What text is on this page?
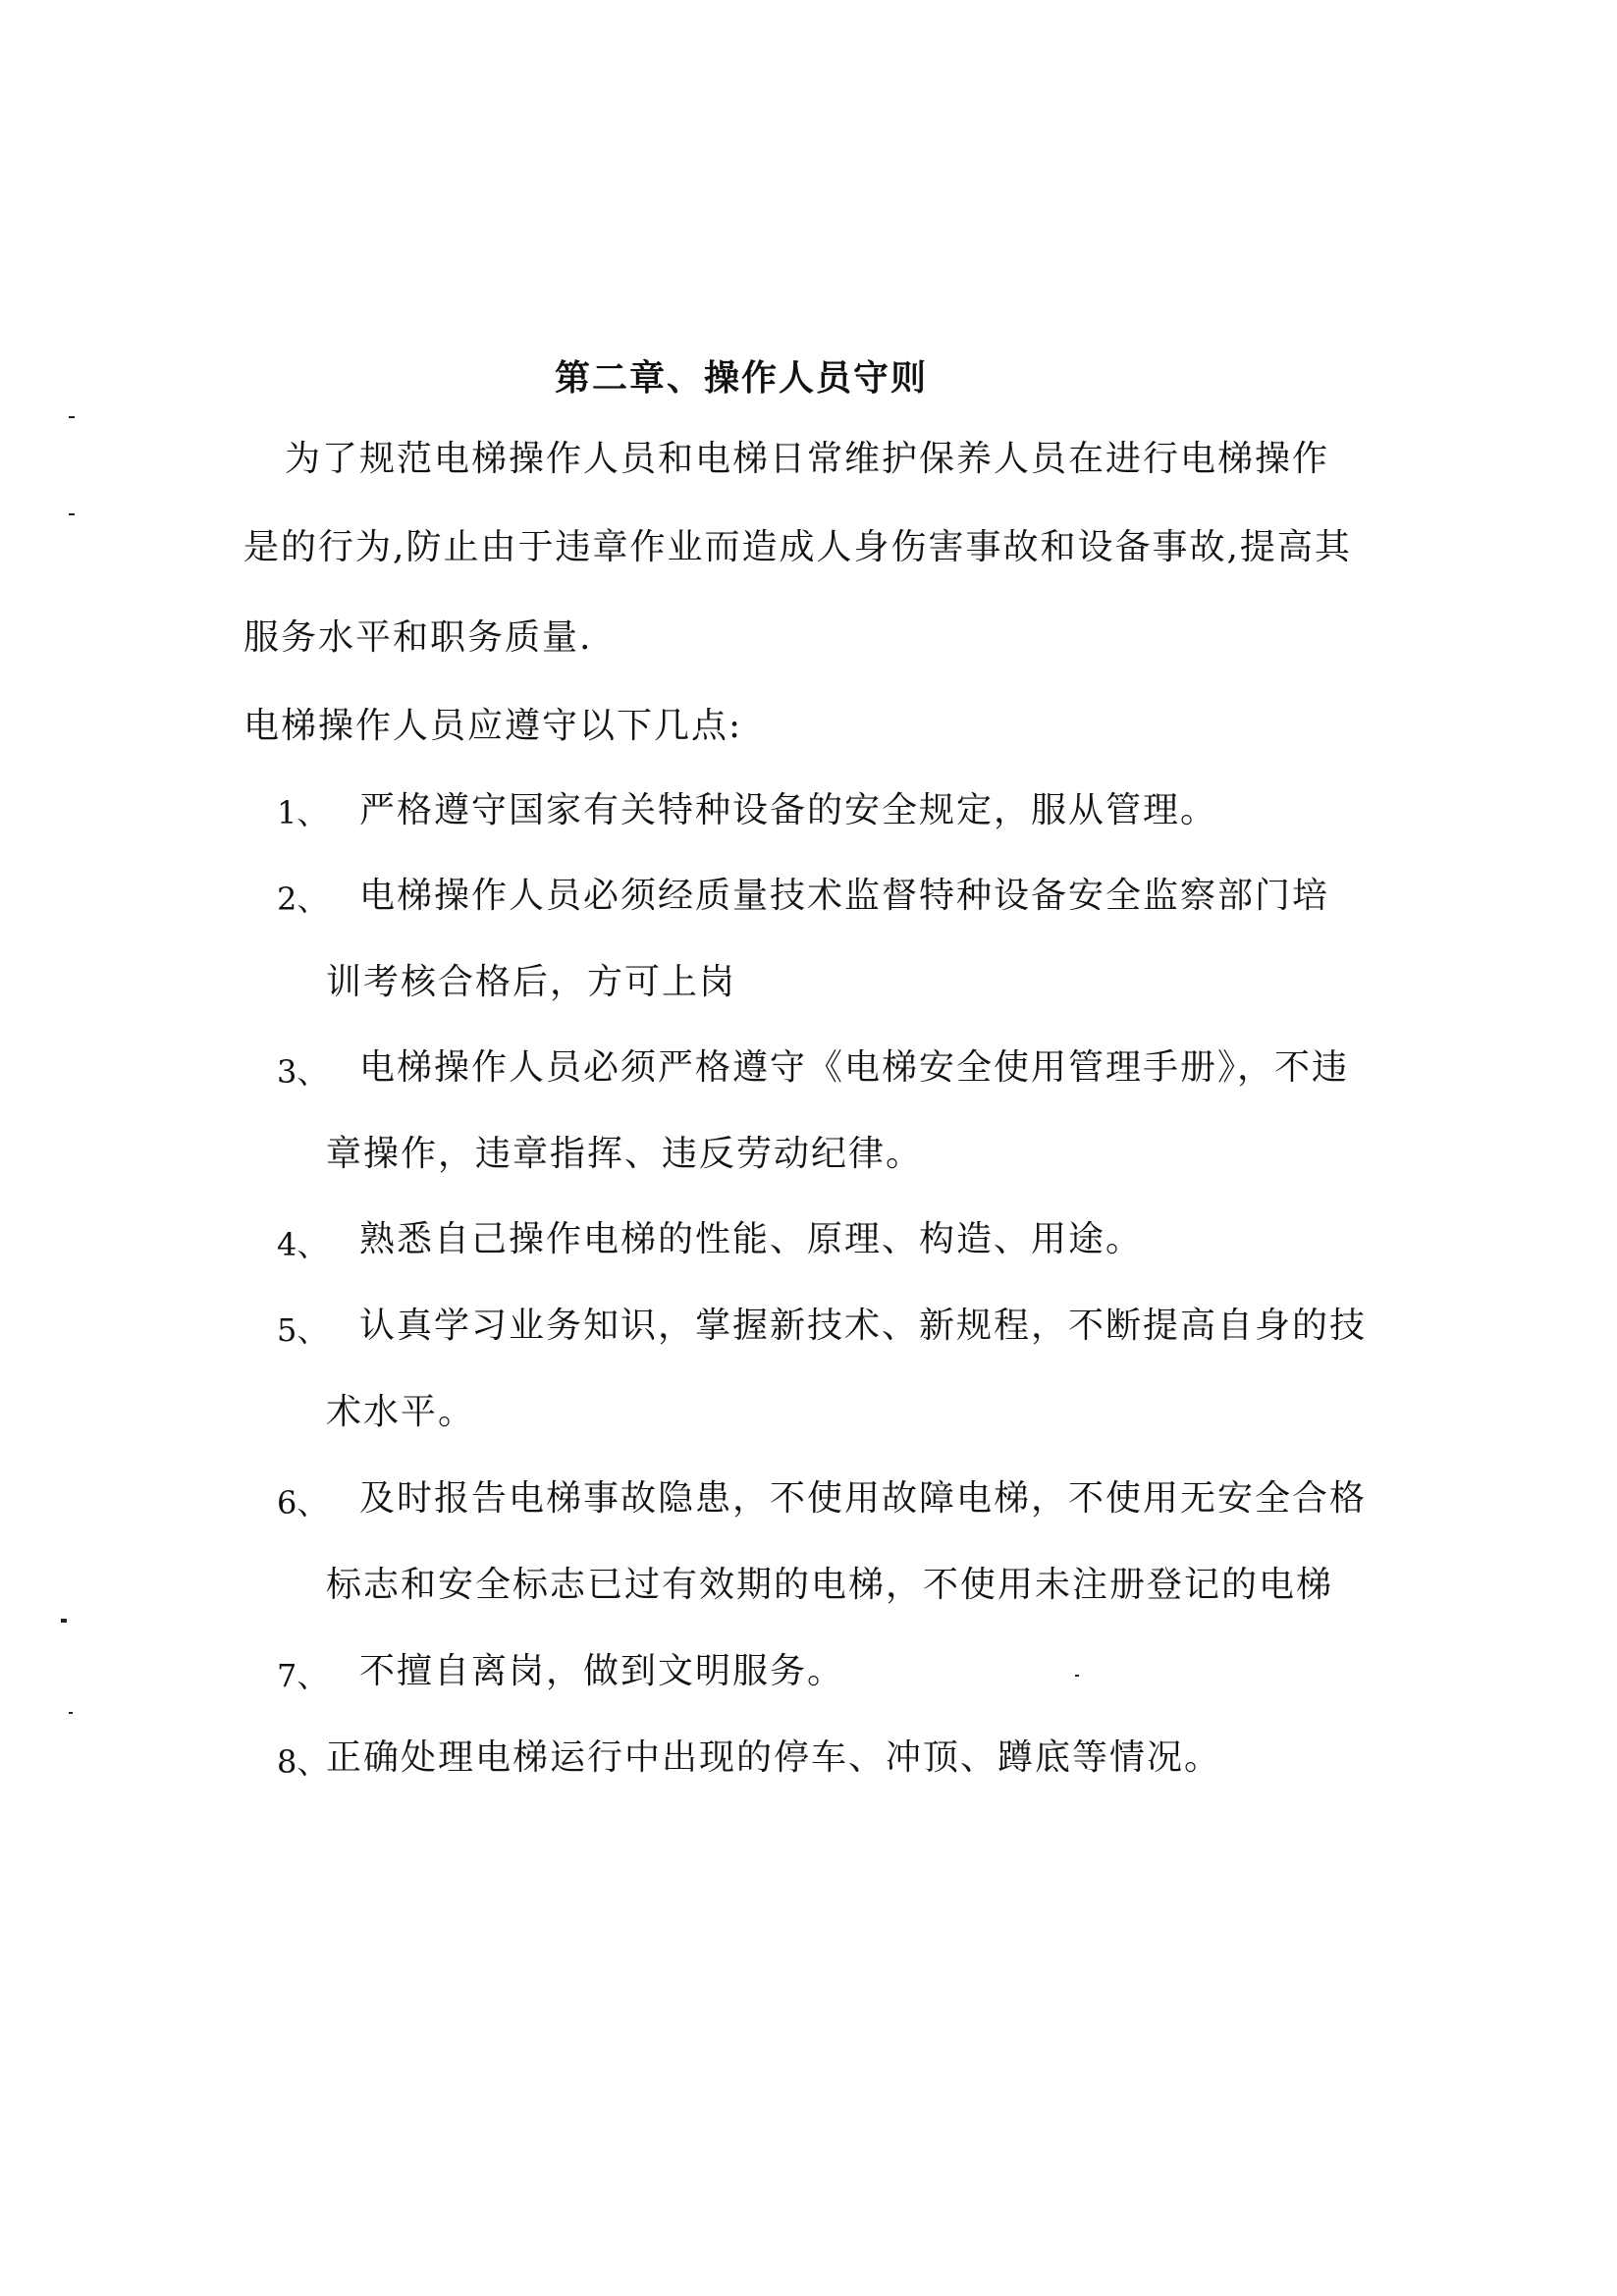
第二章、操作人员守则
为了规范电梯操作人员和电梯日常维护保养人员在进行电梯操作
是的行为,防止由于违章作业而造成人身伤害事故和设备事故,提高其
服务水平和职务质量.
电梯操作人员应遵守以下几点:
1、 严格遵守国家有关特种设备的安全规定，服从管理。
2、 电梯操作人员必须经质量技术监督特种设备安全监察部门培
训考核合格后，方可上岗
3、 电梯操作人员必须严格遵守《电梯安全使用管理手册》，不违
章操作，违章指挥、违反劳动纪律。
4、 熟悉自己操作电梯的性能、原理、构造、用途。
5、 认真学习业务知识，掌握新技术、新规程，不断提高自身的技
术水平。
6、 及时报告电梯事故隐患，不使用故障电梯，不使用无安全合格
标志和安全标志已过有效期的电梯，不使用未注册登记的电梯
7、 不擅自离岗，做到文明服务。
8、
正确处理电梯运行中出现的停车、冲顶、蹲底等情况。
